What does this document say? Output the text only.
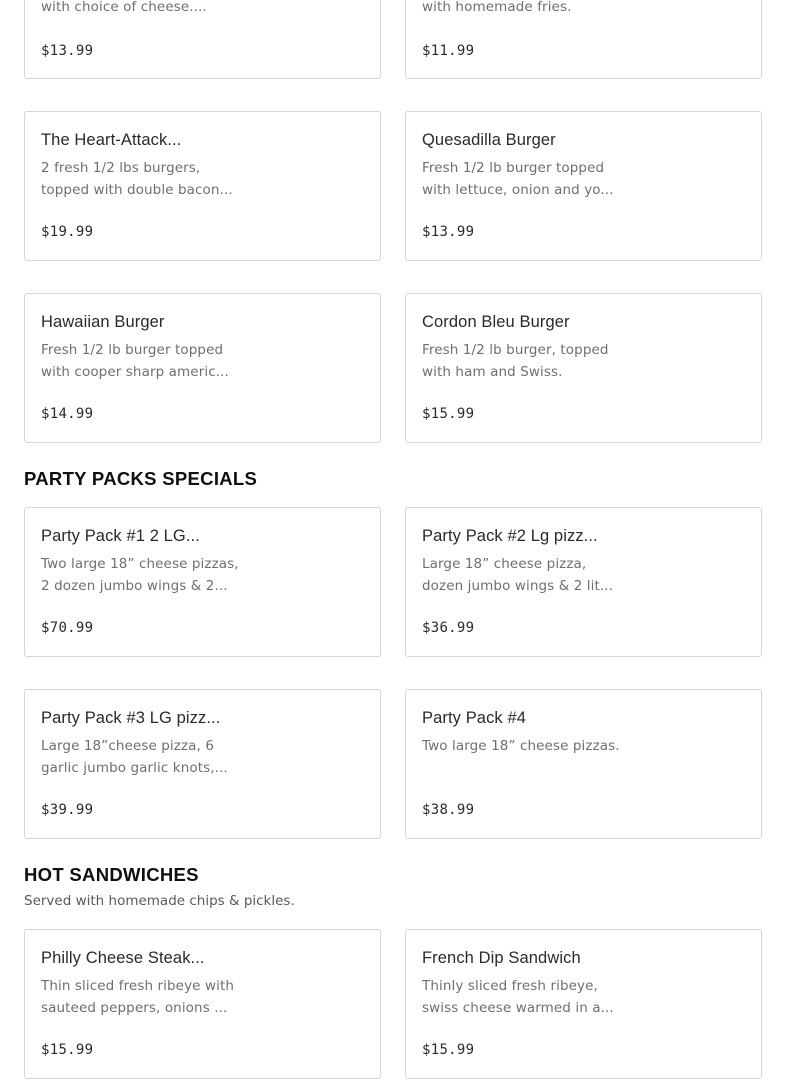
with choice of cheese....
$13.99
with homemade fries.
$11.99
The Heart-Attack...
2 fresh 1/2 lbs burgers,
topped with double bacon...
$19.99
Quesadilla Burger
Fresh 1/2 lb burger topped
with lettuce, onion and yo...
$13.99
Hawaiian Burger
Fresh 1/2 lb burger topped
with cooper sharp americ...
$14.99
Cordon Bleu Burger
Fresh 1/2 lb burger, topped
with ham and Swiss.
$15.99
PARTY PACKS SPECIALS
Party Pack #1 2 LG...
Two large 18” cheese pizzas,
2 dozen jumbo wings & 2...
$70.99
Party Pack #2 Lg pizz...
Large 18” cheese pizza,
dozen jumbo wings & 2 lit...
$36.99
Party Pack #3 LG pizz...
Large 18”cheese pizza, 6
garlic jumbo garlic knots,...
$39.99
Party Pack #4
Two large 18” cheese pizzas.
$38.99
HOT SANDWICHES
Served with homemade chips & pickles.
Philly Cheese Steak...
Thin sliced fresh ribeye with
sauteed peppers, onions ...
$15.99
French Dip Sandwich
Thinly sliced fresh ribeye,
swiss cheese warmed in a...
$15.99
